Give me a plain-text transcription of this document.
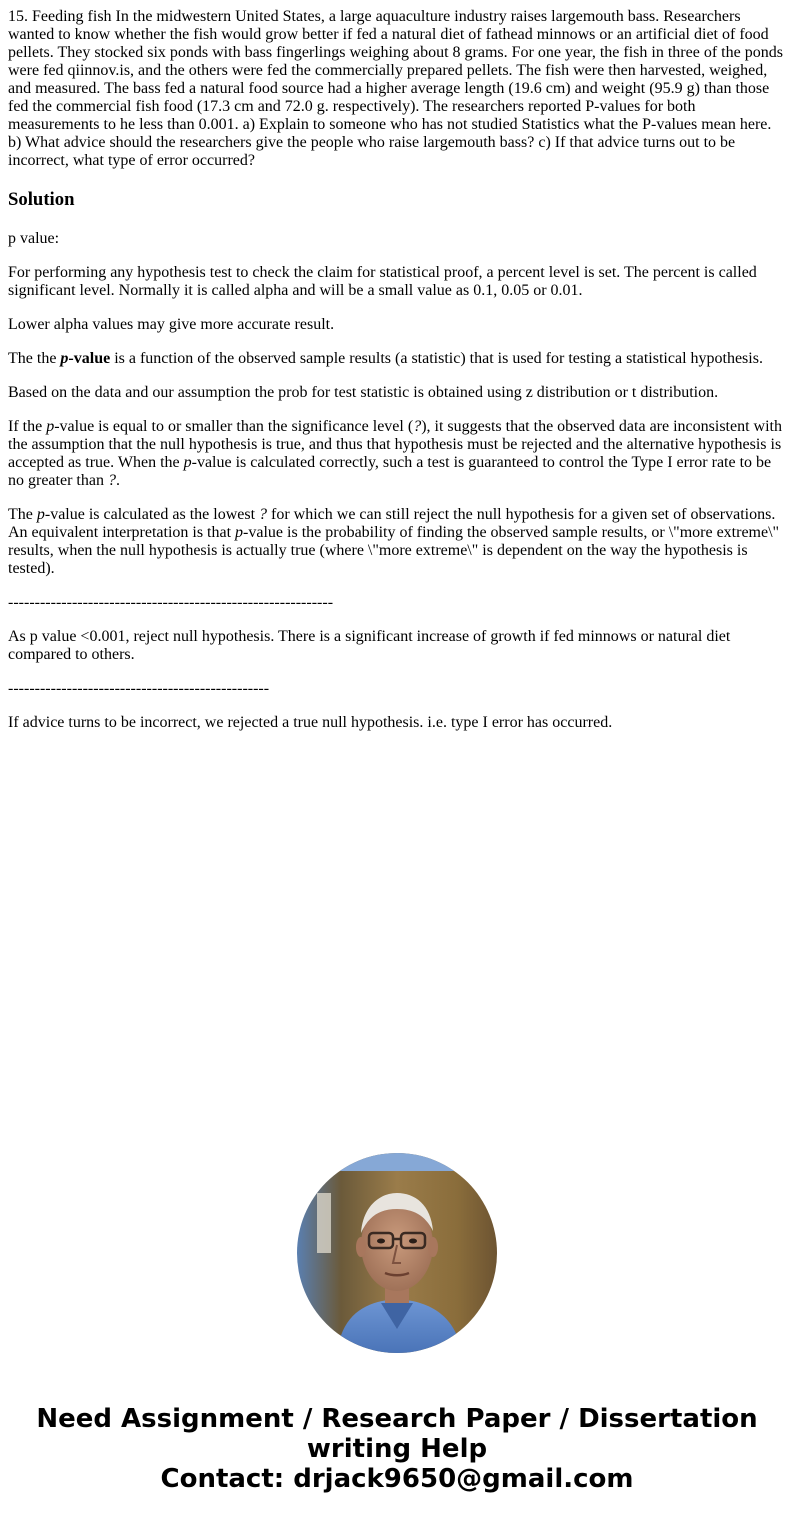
15. Feeding fish In the midwestern United States, a large aquaculture industry raises largemouth bass. Researchers wanted to know whether the fish would grow better if fed a natural diet of fathead minnows or an artificial diet of food pellets. They stocked six ponds with bass fingerlings weighing about 8 grams. For one year, the fish in three of the ponds were fed qiinnov.is, and the others were fed the commercially prepared pellets. The fish were then harvested, weighed, and measured. The bass fed a natural food source had a higher average length (19.6 cm) and weight (95.9 g) than those fed the commercial fish food (17.3 cm and 72.0 g. respectively). The researchers reported P-values for both measurements to he less than 0.001. a) Explain to someone who has not studied Statistics what the P-values mean here. b) What advice should the researchers give the people who raise largemouth bass? c) If that advice turns out to be incorrect, what type of error occurred?

Solution

p value:

For performing any hypothesis test to check the claim for statistical proof, a percent level is set. The percent is called significant level. Normally it is called alpha and will be a small value as 0.1, 0.05 or 0.01.

Lower alpha values may give more accurate result.

The the p-value is a function of the observed sample results (a statistic) that is used for testing a statistical hypothesis.

Based on the data and our assumption the prob for test statistic is obtained using z distribution or t distribution.

If the p-value is equal to or smaller than the significance level (?), it suggests that the observed data are inconsistent with the assumption that the null hypothesis is true, and thus that hypothesis must be rejected and the alternative hypothesis is accepted as true. When the p-value is calculated correctly, such a test is guaranteed to control the Type I error rate to be no greater than ?.

The p-value is calculated as the lowest ? for which we can still reject the null hypothesis for a given set of observations. An equivalent interpretation is that p-value is the probability of finding the observed sample results, or \"more extreme\" results, when the null hypothesis is actually true (where \"more extreme\" is dependent on the way the hypothesis is tested).

-------------------------------------------------------------

As p value <0.001, reject null hypothesis. There is a significant increase of growth if fed minnows or natural diet compared to others.

-------------------------------------------------

If advice turns to be incorrect, we rejected a true null hypothesis. i.e. type I error has occurred.

Need Assignment / Research Paper / Dissertation
writing Help
Contact: drjack9650@gmail.com
